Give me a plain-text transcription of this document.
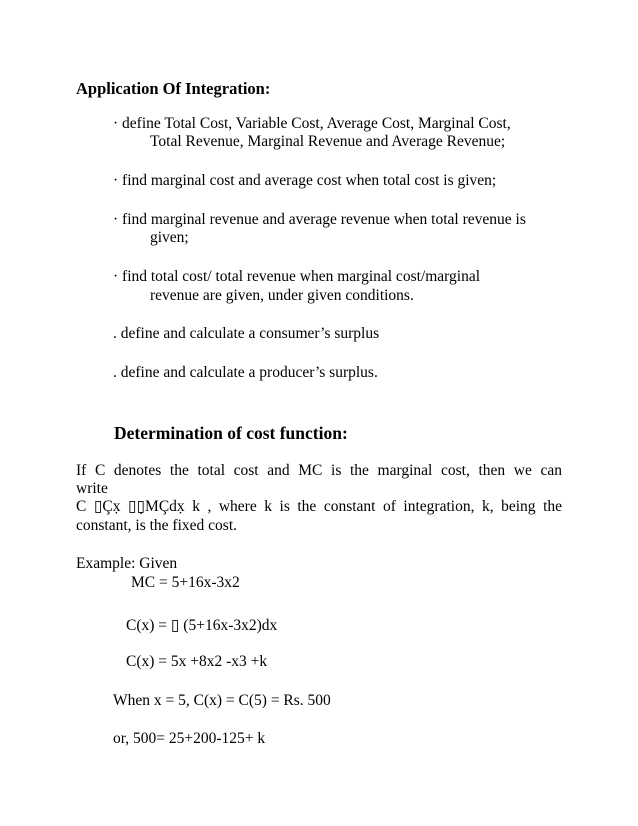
Application Of Integration:
· define Total Cost, Variable Cost, Average Cost, Marginal Cost,
Total Revenue, Marginal Revenue and Average Revenue;
· find marginal cost and average cost when total cost is given;
· find marginal revenue and average revenue when total revenue is
given;
· find total cost/ total revenue when marginal cost/marginal
revenue are given, under given conditions.
. define and calculate a consumer’s surplus
. define and calculate a producer’s surplus.
Determination of cost function:
If C denotes the total cost and MC is the marginal cost, then we can
write
C ▯Çx̣ ▯▯̣MÇdx̣ k , where k is the constant of integration, k, being the
constant, is the fixed cost.
Example: Given
MC = 5+16x-3x2
C(x) = ▯ (5+16x-3x2)dx
C(x) = 5x +8x2 -x3 +k
When x = 5, C(x) = C(5) = Rs. 500
or, 500= 25+200-125+ k
